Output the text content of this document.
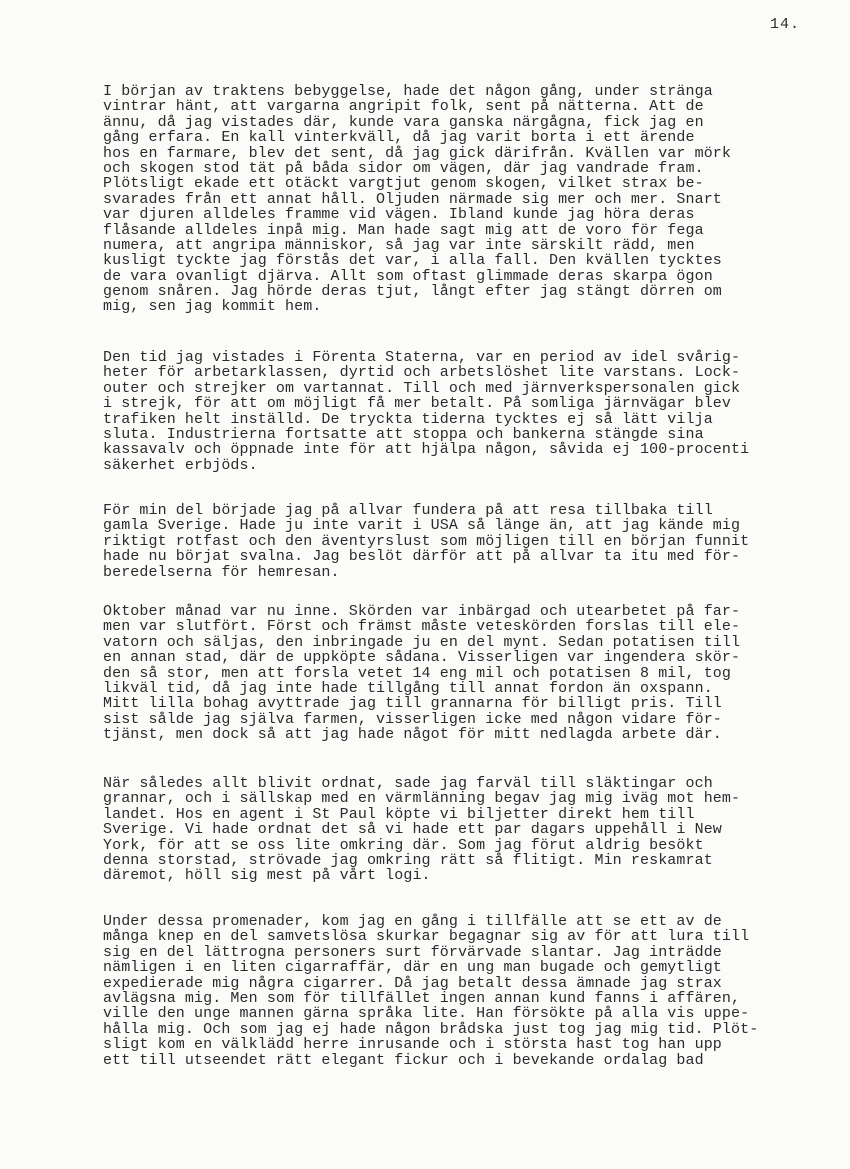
14.
I början av traktens bebyggelse, hade det någon gång, under stränga
vintrar hänt, att vargarna angripit folk, sent på nätterna. Att de
ännu, då jag vistades där, kunde vara ganska närgågna, fick jag en
gång erfara. En kall vinterkväll, då jag varit borta i ett ärende
hos en farmare, blev det sent, då jag gick därifrån. Kvällen var mörk
och skogen stod tät på båda sidor om vägen, där jag vandrade fram.
Plötsligt ekade ett otäckt vargtjut genom skogen, vilket strax be-
svarades från ett annat håll. Oljuden närmade sig mer och mer. Snart
var djuren alldeles framme vid vägen. Ibland kunde jag höra deras
flåsande alldeles inpå mig. Man hade sagt mig att de voro för fega
numera, att angripa människor, så jag var inte särskilt rädd, men
kusligt tyckte jag förstås det var, i alla fall. Den kvällen tycktes
de vara ovanligt djärva. Allt som oftast glimmade deras skarpa ögon
genom snåren. Jag hörde deras tjut, långt efter jag stängt dörren om
mig, sen jag kommit hem.
Den tid jag vistades i Förenta Staterna, var en period av idel svårig-
heter för arbetarklassen, dyrtid och arbetslöshet lite varstans. Lock-
outer och strejker om vartannat. Till och med järnverkspersonalen gick
i strejk, för att om möjligt få mer betalt. På somliga järnvägar blev
trafiken helt inställd. De tryckta tiderna tycktes ej så lätt vilja
sluta. Industrierna fortsatte att stoppa och bankerna stängde sina
kassavalv och öppnade inte för att hjälpa någon, såvida ej 100-procenti
säkerhet erbjöds.
För min del började jag på allvar fundera på att resa tillbaka till
gamla Sverige. Hade ju inte varit i USA så länge än, att jag kände mig
riktigt rotfast och den äventyrslust som möjligen till en början funnit
hade nu börjat svalna. Jag beslöt därför att på allvar ta itu med för-
beredelserna för hemresan.
Oktober månad var nu inne. Skörden var inbärgad och utearbetet på far-
men var slutfört. Först och främst måste veteskörden forslas till ele-
vatorn och säljas, den inbringade ju en del mynt. Sedan potatisen till
en annan stad, där de uppköpte sådana. Visserligen var ingendera skör-
den så stor, men att forsla vetet 14 eng mil och potatisen 8 mil, tog
likväl tid, då jag inte hade tillgång till annat fordon än oxspann.
Mitt lilla bohag avyttrade jag till grannarna för billigt pris. Till
sist sålde jag själva farmen, visserligen icke med någon vidare för-
tjänst, men dock så att jag hade något för mitt nedlagda arbete där.
När således allt blivit ordnat, sade jag farväl till släktingar och
grannar, och i sällskap med en värmlänning begav jag mig iväg mot hem-
landet. Hos en agent i St Paul köpte vi biljetter direkt hem till
Sverige. Vi hade ordnat det så vi hade ett par dagars uppehåll i New
York, för att se oss lite omkring där. Som jag förut aldrig besökt
denna storstad, strövade jag omkring rätt så flitigt. Min reskamrat
däremot, höll sig mest på vårt logi.
Under dessa promenader, kom jag en gång i tillfälle att se ett av de
många knep en del samvetslösa skurkar begagnar sig av för att lura till
sig en del lättrogna personers surt förvärvade slantar. Jag inträdde
nämligen i en liten cigarraffär, där en ung man bugade och gemytligt
expedierade mig några cigarrer. Då jag betalt dessa ämnade jag strax
avlägsna mig. Men som för tillfället ingen annan kund fanns i affären,
ville den unge mannen gärna språka lite. Han försökte på alla vis uppe-
hålla mig. Och som jag ej hade någon brådska just tog jag mig tid. Plöt-
sligt kom en välklädd herre inrusande och i största hast tog han upp
ett till utseendet rätt elegant fickur och i bevekande ordalag bad
